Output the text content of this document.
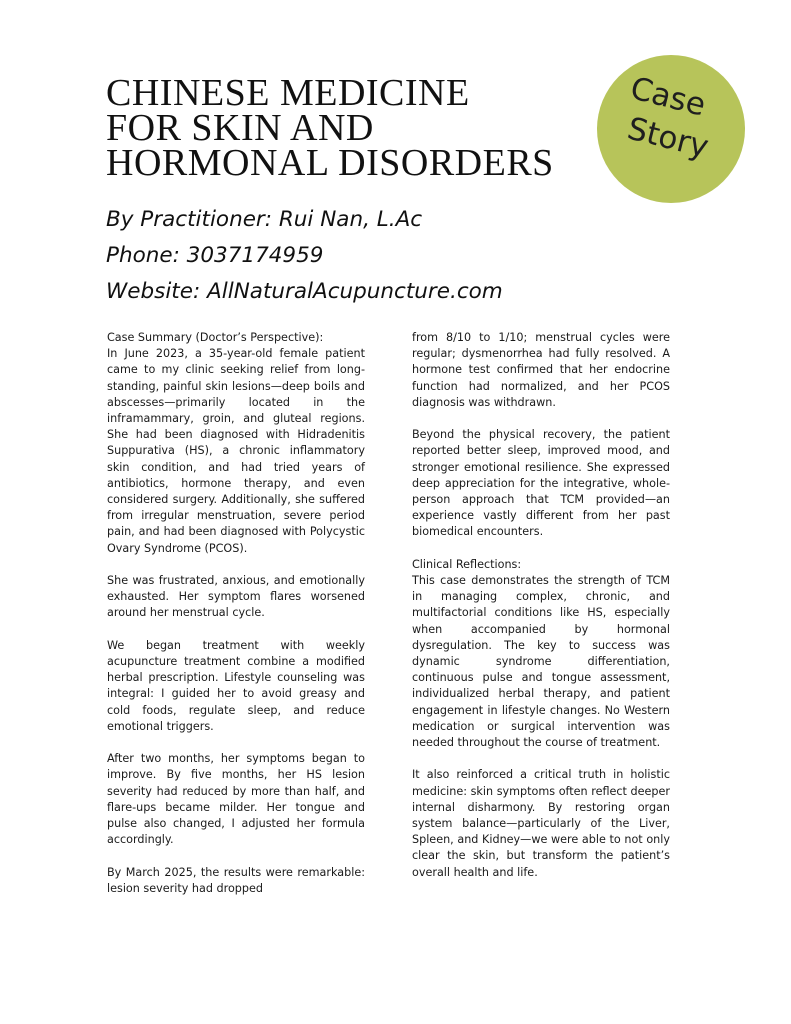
CHINESE MEDICINE
FOR SKIN AND
HORMONAL DISORDERS
Case
Story
By Practitioner: Rui Nan, L.Ac
Phone: 3037174959
Website: AllNaturalAcupuncture.com

Case Summary (Doctor’s Perspective):
In June 2023, a 35-year-old female patient came to my clinic seeking relief from long-standing, painful skin lesions—deep boils and abscesses—primarily located in the inframammary, groin, and gluteal regions. She had been diagnosed with Hidradenitis Suppurativa (HS), a chronic inflammatory skin condition, and had tried years of antibiotics, hormone therapy, and even considered surgery. Additionally, she suffered from irregular menstruation, severe period pain, and had been diagnosed with Polycystic Ovary Syndrome (PCOS).

She was frustrated, anxious, and emotionally exhausted. Her symptom flares worsened around her menstrual cycle.

We began treatment with weekly acupuncture treatment combine a modified herbal prescription. Lifestyle counseling was integral: I guided her to avoid greasy and cold foods, regulate sleep, and reduce emotional triggers.

After two months, her symptoms began to improve. By five months, her HS lesion severity had reduced by more than half, and flare-ups became milder. Her tongue and pulse also changed, I adjusted her formula accordingly.

By March 2025, the results were remarkable: lesion severity had dropped

from 8/10 to 1/10; menstrual cycles were regular; dysmenorrhea had fully resolved. A hormone test confirmed that her endocrine function had normalized, and her PCOS diagnosis was withdrawn.

Beyond the physical recovery, the patient reported better sleep, improved mood, and stronger emotional resilience. She expressed deep appreciation for the integrative, whole-person approach that TCM provided—an experience vastly different from her past biomedical encounters.

Clinical Reflections:
This case demonstrates the strength of TCM in managing complex, chronic, and multifactorial conditions like HS, especially when accompanied by hormonal dysregulation. The key to success was dynamic syndrome differentiation, continuous pulse and tongue assessment, individualized herbal therapy, and patient engagement in lifestyle changes. No Western medication or surgical intervention was needed throughout the course of treatment.

It also reinforced a critical truth in holistic medicine: skin symptoms often reflect deeper internal disharmony. By restoring organ system balance—particularly of the Liver, Spleen, and Kidney—we were able to not only clear the skin, but transform the patient’s overall health and life.
